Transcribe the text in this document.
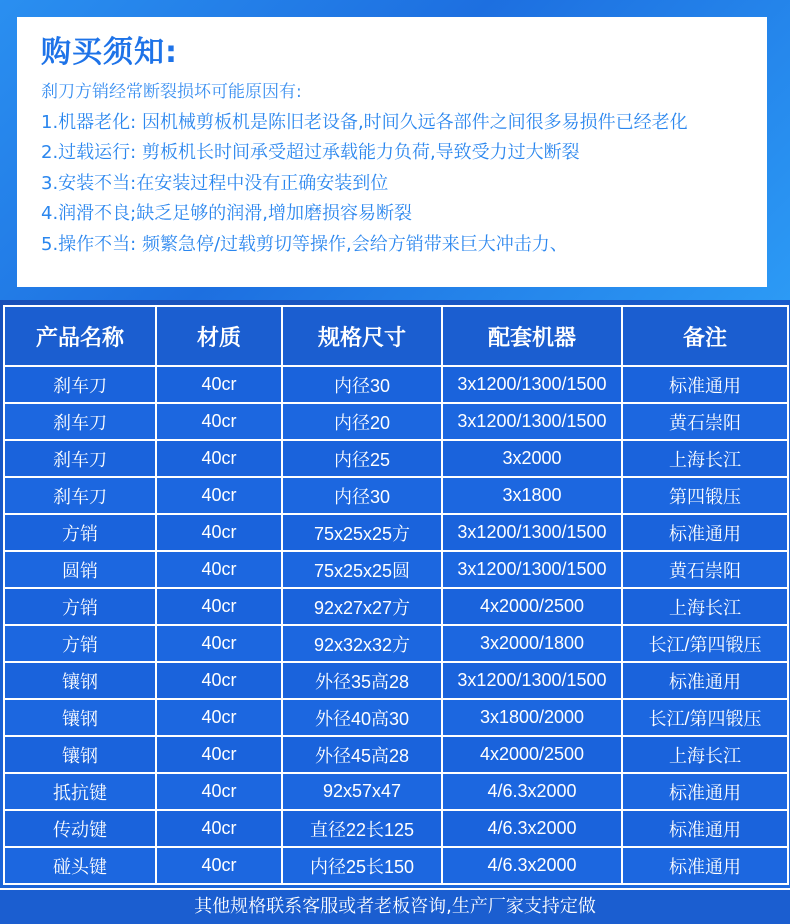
购买须知:
刹刀方销经常断裂损坏可能原因有:
1.机器老化: 因机械剪板机是陈旧老设备,时间久远各部件之间很多易损件已经老化
2.过载运行: 剪板机长时间承受超过承载能力负荷,导致受力过大断裂
3.安装不当:在安装过程中没有正确安装到位
4.润滑不良;缺乏足够的润滑,增加磨损容易断裂
5.操作不当: 频繁急停/过载剪切等操作,会给方销带来巨大冲击力、
产品名称	材质	规格尺寸	配套机器	备注
刹车刀	40cr	内径30	3x1200/1300/1500	标准通用
刹车刀	40cr	内径20	3x1200/1300/1500	黄石崇阳
刹车刀	40cr	内径25	3x2000	上海长江
刹车刀	40cr	内径30	3x1800	第四锻压
方销	40cr	75x25x25方	3x1200/1300/1500	标准通用
圆销	40cr	75x25x25圆	3x1200/1300/1500	黄石崇阳
方销	40cr	92x27x27方	4x2000/2500	上海长江
方销	40cr	92x32x32方	3x2000/1800	长江/第四锻压
镶钢	40cr	外径35高28	3x1200/1300/1500	标准通用
镶钢	40cr	外径40高30	3x1800/2000	长江/第四锻压
镶钢	40cr	外径45高28	4x2000/2500	上海长江
抵抗键	40cr	92x57x47	4/6.3x2000	标准通用
传动键	40cr	直径22长125	4/6.3x2000	标准通用
碰头键	40cr	内径25长150	4/6.3x2000	标准通用
其他规格联系客服或者老板咨询,生产厂家支持定做
